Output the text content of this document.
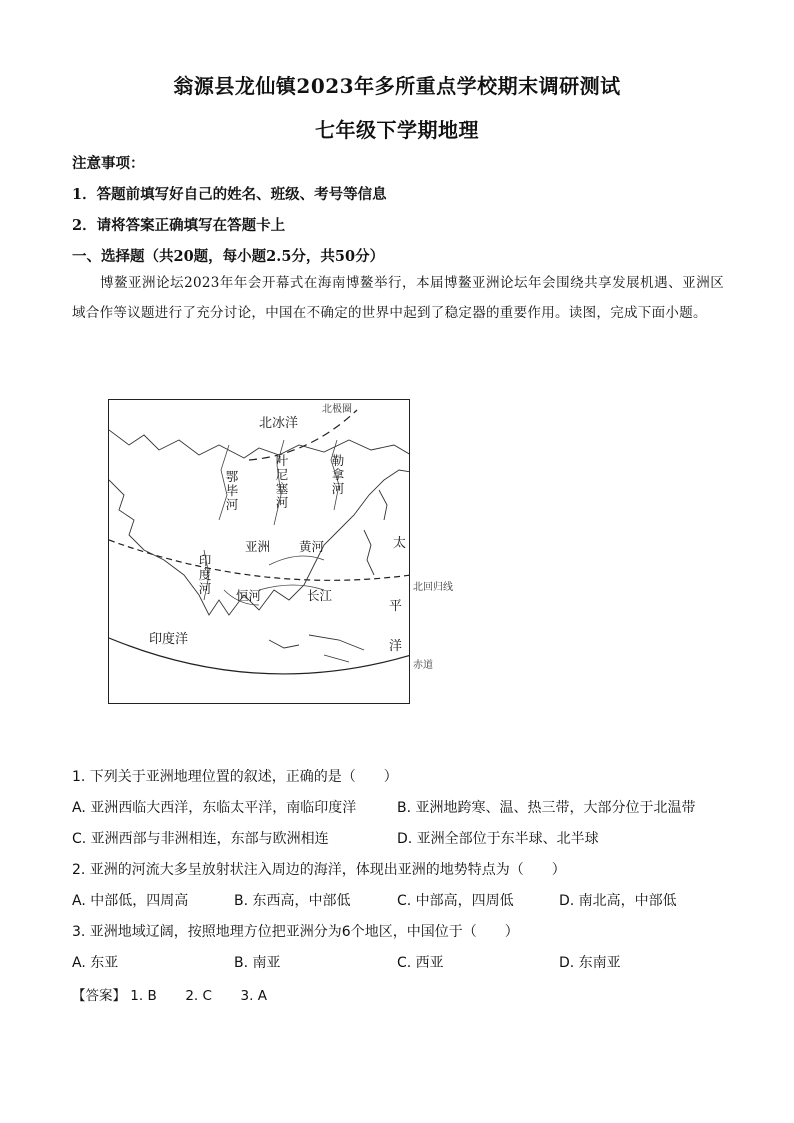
翁源县龙仙镇2023年多所重点学校期末调研测试
七年级下学期地理
注意事项：
1．答题前填写好自己的姓名、班级、考号等信息
2．请将答案正确填写在答题卡上
一、选择题（共20题，每小题2.5分，共50分）
博鳌亚洲论坛2023年年会开幕式在海南博鳌举行，本届博鳌亚洲论坛年会围绕共享发展机遇、亚洲区域合作等议题进行了充分讨论，中国在不确定的世界中起到了稳定器的重要作用。读图，完成下面小题。
北极圈
北回归线
赤道
北冰洋
鄂毕河
叶尼塞河
勒拿河
亚洲 黄河
印度河 恒河	长江
印度洋
太
平
洋
1. 下列关于亚洲地理位置的叙述，正确的是（　　）
A. 亚洲西临大西洋，东临太平洋，南临印度洋	B. 亚洲地跨寒、温、热三带，大部分位于北温带
C. 亚洲西部与非洲相连，东部与欧洲相连	D. 亚洲全部位于东半球、北半球
2. 亚洲的河流大多呈放射状注入周边的海洋，体现出亚洲的地势特点为（　　）
A. 中部低，四周高	B. 东西高，中部低	C. 中部高，四周低	D. 南北高，中部低
3. 亚洲地域辽阔，按照地理方位把亚洲分为6个地区，中国位于（　　）
A. 东亚	B. 南亚	C. 西亚	D. 东南亚
【答案】 1. B 2. C 3. A
